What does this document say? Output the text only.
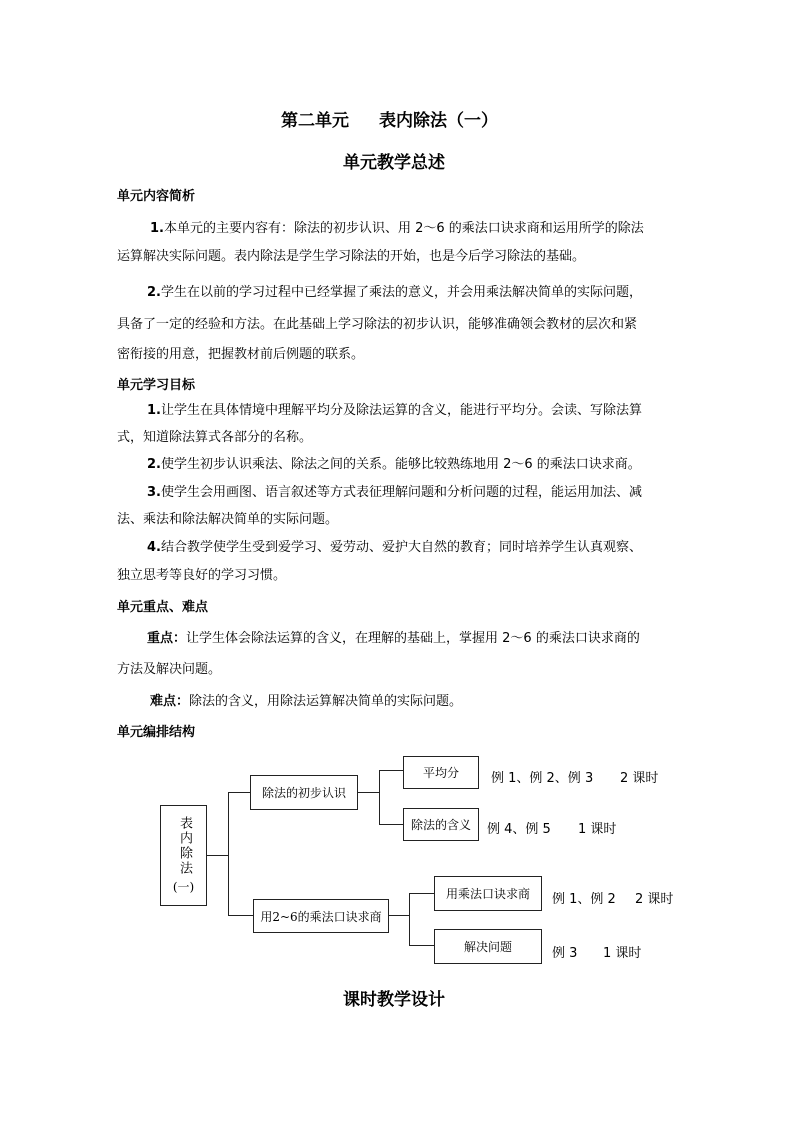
第二单元 表内除法（一）
单元教学总述
单元内容简析
1.本单元的主要内容有：除法的初步认识、用 2～6 的乘法口诀求商和运用所学的除法
运算解决实际问题。表内除法是学生学习除法的开始，也是今后学习除法的基础。
2.学生在以前的学习过程中已经掌握了乘法的意义，并会用乘法解决简单的实际问题，
具备了一定的经验和方法。在此基础上学习除法的初步认识，能够准确领会教材的层次和紧
密衔接的用意，把握教材前后例题的联系。
单元学习目标
1.让学生在具体情境中理解平均分及除法运算的含义，能进行平均分。会读、写除法算
式，知道除法算式各部分的名称。
2.使学生初步认识乘法、除法之间的关系。能够比较熟练地用 2～6 的乘法口诀求商。
3.使学生会用画图、语言叙述等方式表征理解问题和分析问题的过程，能运用加法、减
法、乘法和除法解决简单的实际问题。
4.结合教学使学生受到爱学习、爱劳动、爱护大自然的教育；同时培养学生认真观察、
独立思考等良好的学习习惯。
单元重点、难点
重点：让学生体会除法运算的含义，在理解的基础上，掌握用 2～6 的乘法口诀求商的
方法及解决问题。
难点：除法的含义，用除法运算解决简单的实际问题。
单元编排结构
表内除法
(一)
除法的初步认识
平均分
除法的含义
用2~6的乘法口诀求商
用乘法口诀求商
解决问题
例 1、例 2、例 3 2 课时
例 4、例 5 1 课时
例 1、例 2 2 课时
例 3 1 课时
课时教学设计
